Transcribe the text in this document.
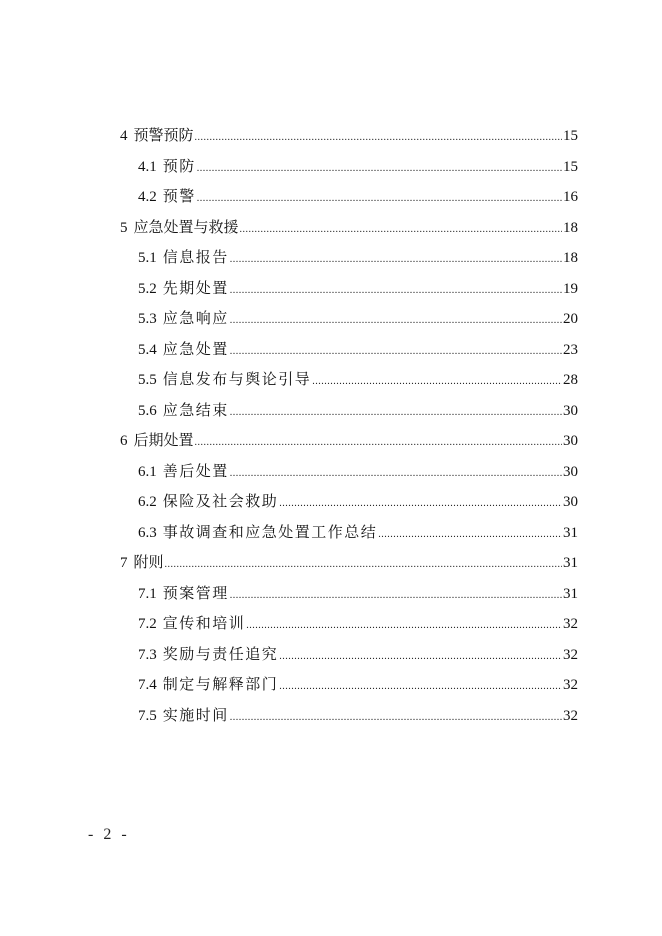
4 预警预防 .....	15
4.1 预防 .....	15
4.2 预警 .....	16
5 应急处置与救援 .....	18
5.1 信息报告 .....	18
5.2 先期处置 .....	19
5.3 应急响应 .....	20
5.4 应急处置 .....	23
5.5 信息发布与舆论引导 .....	28
5.6 应急结束 .....	30
6 后期处置 .....	30
6.1 善后处置 .....	30
6.2 保险及社会救助 .....	30
6.3 事故调查和应急处置工作总结 .....	31
7 附则 .....	31
7.1 预案管理 .....	31
7.2 宣传和培训 .....	32
7.3 奖励与责任追究 .....	32
7.4 制定与解释部门 .....	32
7.5 实施时间 .....	32
- 2 -
